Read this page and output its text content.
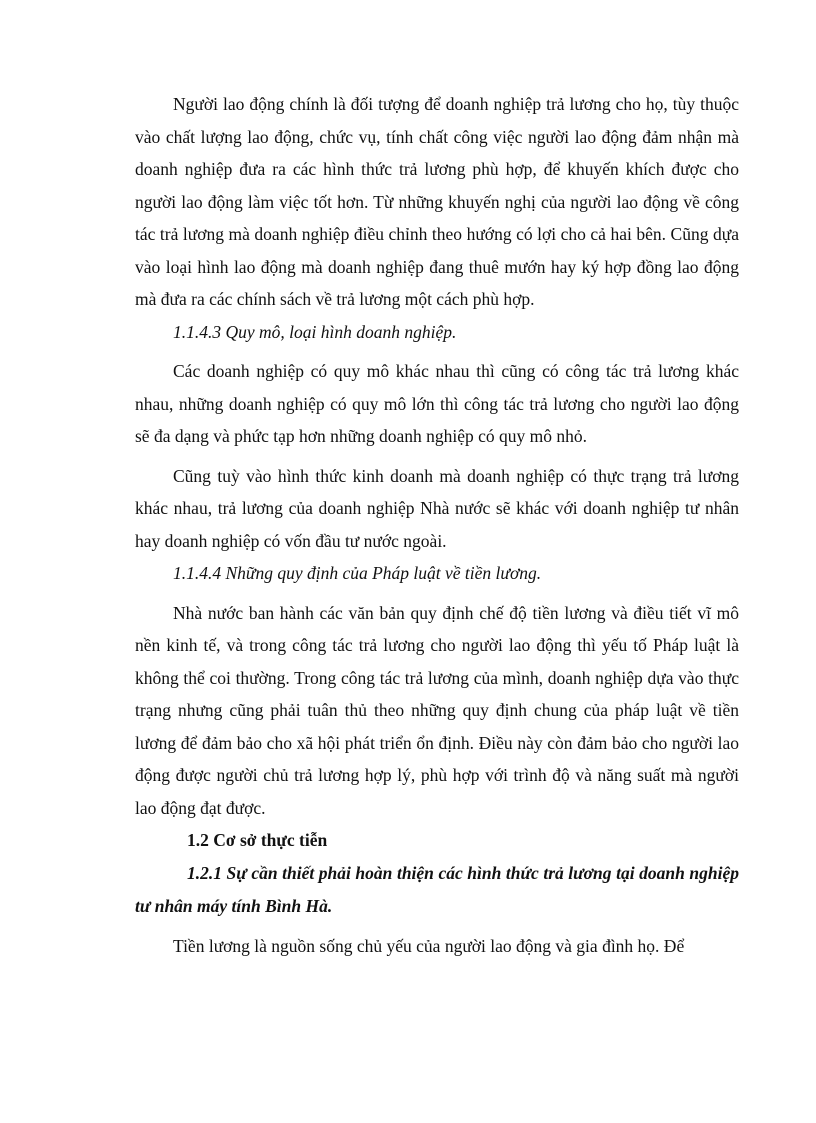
Người lao động chính là đối tượng để doanh nghiệp trả lương cho họ, tùy thuộc vào chất lượng lao động, chức vụ, tính chất công việc người lao động đảm nhận mà doanh nghiệp đưa ra các hình thức trả lương phù hợp, để khuyến khích được cho người lao động làm việc tốt hơn. Từ những khuyến nghị của người lao động về công tác trả lương mà doanh nghiệp điều chỉnh theo hướng có lợi cho cả hai bên. Cũng dựa vào loại hình lao động mà doanh nghiệp đang thuê mướn hay ký hợp đồng lao động mà đưa ra các chính sách về trả lương một cách phù hợp.

1.1.4.3 Quy mô, loại hình doanh nghiệp.

Các doanh nghiệp có quy mô khác nhau thì cũng có công tác trả lương khác nhau, những doanh nghiệp có quy mô lớn thì công tác trả lương cho người lao động sẽ đa dạng và phức tạp hơn những doanh nghiệp có quy mô nhỏ.

Cũng tuỳ vào hình thức kinh doanh mà doanh nghiệp có thực trạng trả lương khác nhau, trả lương của doanh nghiệp Nhà nước sẽ khác với doanh nghiệp tư nhân hay doanh nghiệp có vốn đầu tư nước ngoài.

1.1.4.4 Những quy định của Pháp luật về tiền lương.

Nhà nước ban hành các văn bản quy định chế độ tiền lương và điều tiết vĩ mô nền kinh tế, và trong công tác trả lương cho người lao động thì yếu tố Pháp luật là không thể coi thường. Trong công tác trả lương của mình, doanh nghiệp dựa vào thực trạng nhưng cũng phải tuân thủ theo những quy định chung của pháp luật về tiền lương để đảm bảo cho xã hội phát triển ổn định. Điều này còn đảm bảo cho người lao động được người chủ trả lương hợp lý, phù hợp với trình độ và năng suất mà người lao động đạt được.

1.2 Cơ sở thực tiễn

1.2.1 Sự cần thiết phải hoàn thiện các hình thức trả lương tại doanh nghiệp tư nhân máy tính Bình Hà.

Tiền lương là nguồn sống chủ yếu của người lao động và gia đình họ. Để
